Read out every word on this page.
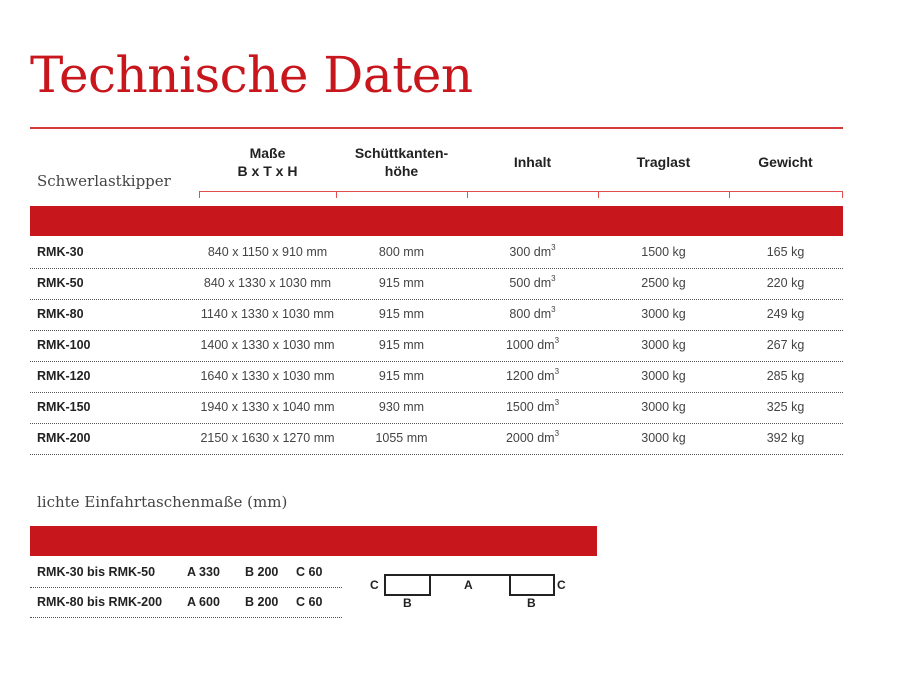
Technische Daten
Schwerlastkipper
Maße
B x T x H
Schüttkanten-
höhe
Inhalt	Traglast	Gewicht
RMK-30	840 x 1150 x 910 mm	800 mm	300 $dm^3$	1500 kg	165 kg
RMK-50	840 x 1330 x 1030 mm	915 mm	500 $dm^3$	2500 kg	220 kg
RMK-80	1140 x 1330 x 1030 mm	915 mm	800 $dm^3$	3000 kg	249 kg
RMK-100	1400 x 1330 x 1030 mm	915 mm	1000 $dm^3$	3000 kg	267 kg
RMK-120	1640 x 1330 x 1030 mm	915 mm	1200 $dm^3$	3000 kg	285 kg
RMK-150	1940 x 1330 x 1040 mm	930 mm	1500 $dm^3$	3000 kg	325 kg
RMK-200	2150 x 1630 x 1270 mm	1055 mm	2000 $dm^3$	3000 kg	392 kg
lichte Einfahrtaschenmaße (mm)
RMK-30 bis RMK-50	A 330 B 200 C 60
RMK-80 bis RMK-200 A 600 B 200 C 60
C	A	C
B	B
